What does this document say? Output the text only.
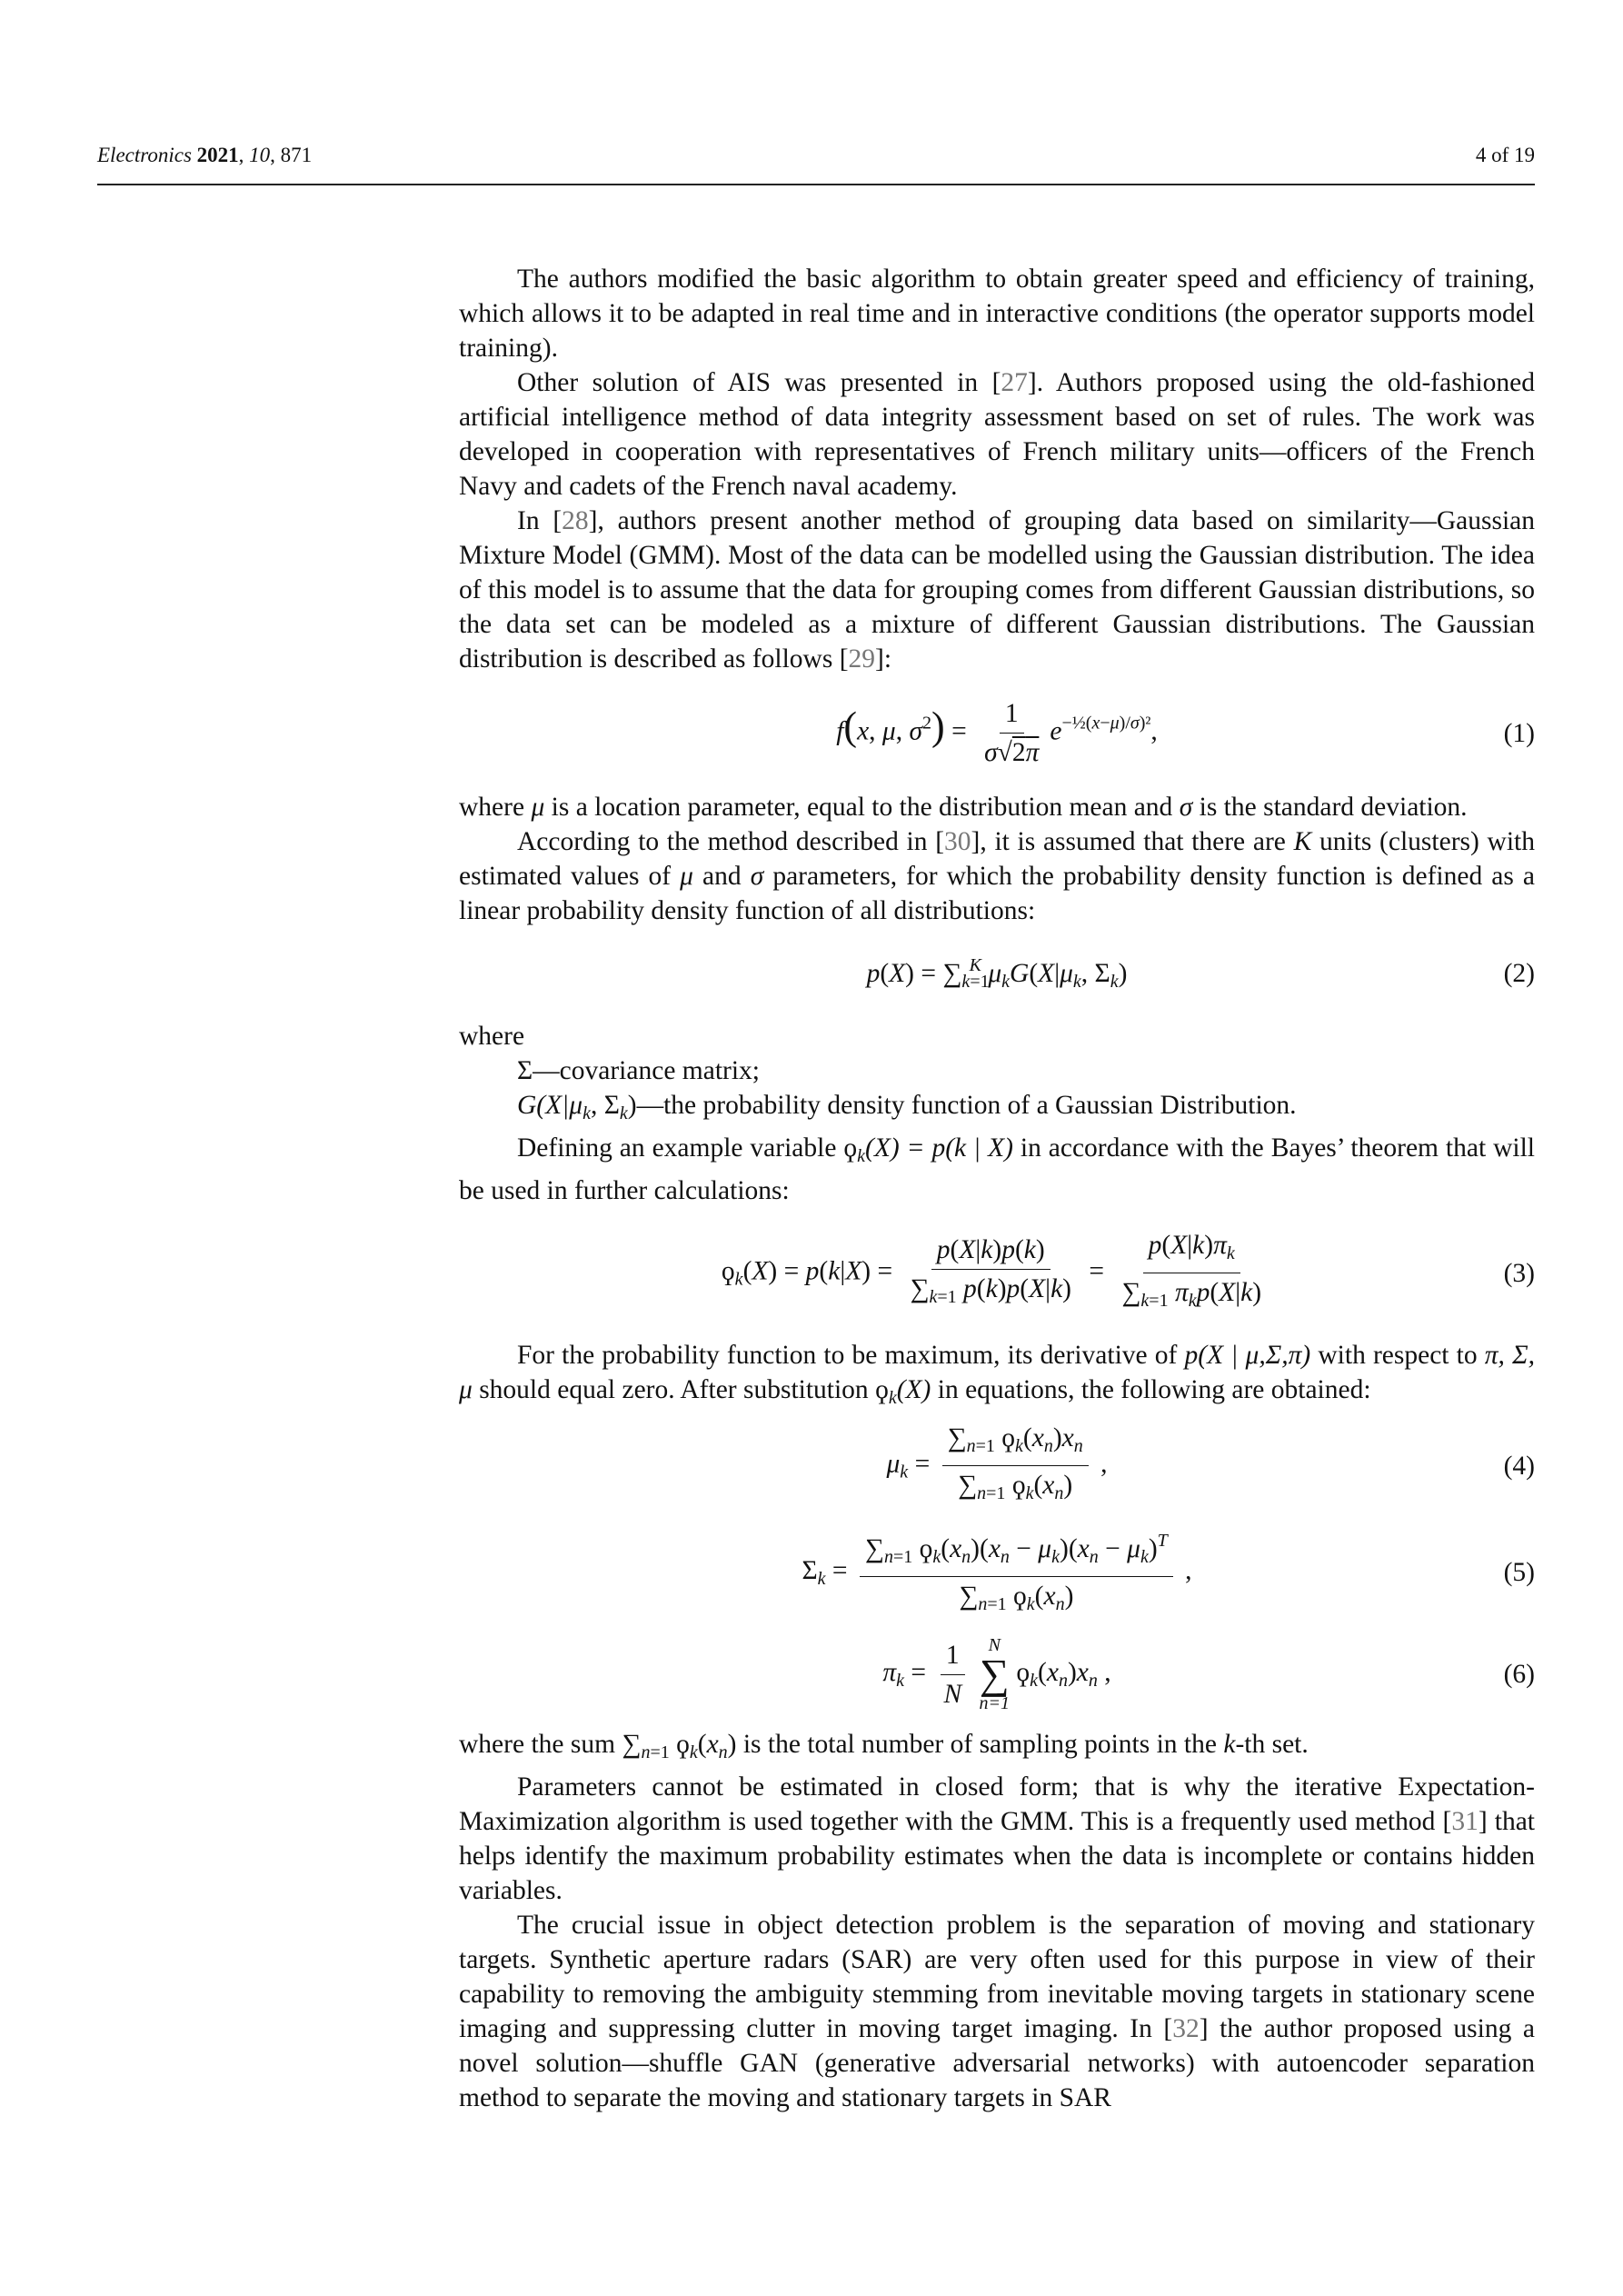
Electronics 2021, 10, 871	4 of 19

The authors modified the basic algorithm to obtain greater speed and efficiency of training, which allows it to be adapted in real time and in interactive conditions (the operator supports model training).

Other solution of AIS was presented in [27]. Authors proposed using the old-fashioned artificial intelligence method of data integrity assessment based on set of rules. The work was developed in cooperation with representatives of French military units—officers of the French Navy and cadets of the French naval academy.

In [28], authors present another method of grouping data based on similarity—Gaussian Mixture Model (GMM). Most of the data can be modelled using the Gaussian distribution. The idea of this model is to assume that the data for grouping comes from different Gaussian distributions, so the data set can be modeled as a mixture of different Gaussian distributions. The Gaussian distribution is described as follows [29]:

f(x, μ, $\sigma^2) = \frac{1}{\sigma√2\pi} e^{-\frac{1}{2}(x-\mu)/\sigma)^2}$,	(1)

where μ is a location parameter, equal to the distribution mean and σ is the standard deviation.

According to the method described in [30], it is assumed that there are K units (clusters) with estimated values of μ and σ parameters, for which the probability density function is defined as a linear probability density function of all distributions:

$p(X) = \sum_{k=1}^K$ $\mu_kG(X|\mu_k$, $\Sigma_k$)	(2)

where

Σ—covariance matrix;

$G(X|\mu_k$, $\Sigma_k)—the$ probability density function of a Gaussian Distribution.

Defining an example variable $ϙ_k(X) = p(k$ | X) in accordance with the Bayes’ theorem that will be used in further calculations:

$ϙ_k(X) = p(k|X) = \frac{p(X|k)p(k)}{\sum_{k=1} p(k)p(X|k)} = \frac{p(X|k)\pi_k}{\sum_{k=1} \pi_kp(X|k)}$	(3)

For the probability function to be maximum, its derivative of p(X | μ,Σ,π) with respect to π, Σ, μ should equal zero. After substitution $ϙ_k(X)$ in equations, the following are obtained:

$\mu_k = \frac{\sum_{n=1} ϙ_k(x_n)x_n}{\sum_{n=1} ϙ_k(x_n)}$ ,	(4)
$\Sigma_k = \frac{\sum_{n=1} ϙ_k(x_n)(x_n - \mu_k)(x_n - \mu_k)^T}{\sum_{n=1} ϙ_k(x_n)}$ ,	(5)
$\pi_k = \frac{1}{N}$
N
∑
n=1
$ϙ_k(x_n)x_n$ ,	(6)

where the sum $\sum_{n=1}$ $ϙ_k(x_n)$ is the total number of sampling points in the k-th set.

Parameters cannot be estimated in closed form; that is why the iterative Expectation-Maximization algorithm is used together with the GMM. This is a frequently used method [31] that helps identify the maximum probability estimates when the data is incomplete or contains hidden variables.

The crucial issue in object detection problem is the separation of moving and stationary targets. Synthetic aperture radars (SAR) are very often used for this purpose in view of their capability to removing the ambiguity stemming from inevitable moving targets in stationary scene imaging and suppressing clutter in moving target imaging. In [32] the author proposed using a novel solution—shuffle GAN (generative adversarial networks) with autoencoder separation method to separate the moving and stationary targets in SAR
